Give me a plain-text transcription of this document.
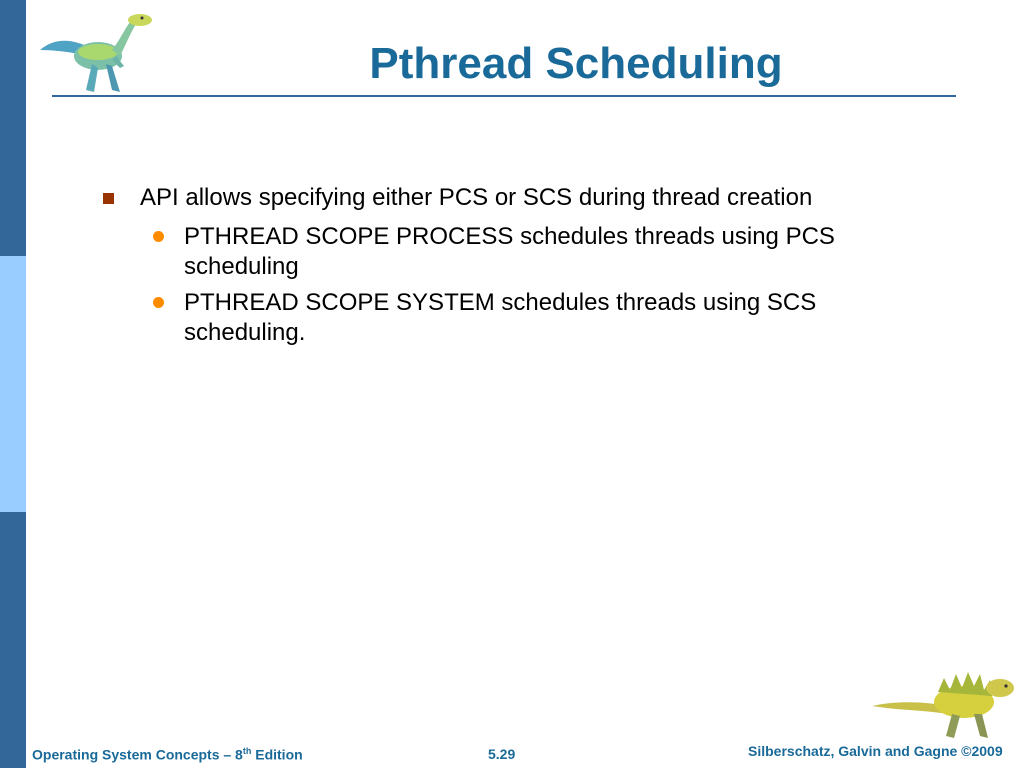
Pthread Scheduling
API allows specifying either PCS or SCS during thread creation
PTHREAD SCOPE PROCESS schedules threads using PCS
scheduling
PTHREAD SCOPE SYSTEM schedules threads using SCS
scheduling.
Operating System Concepts – 8th Edition	5.29	Silberschatz, Galvin and Gagne ©2009
